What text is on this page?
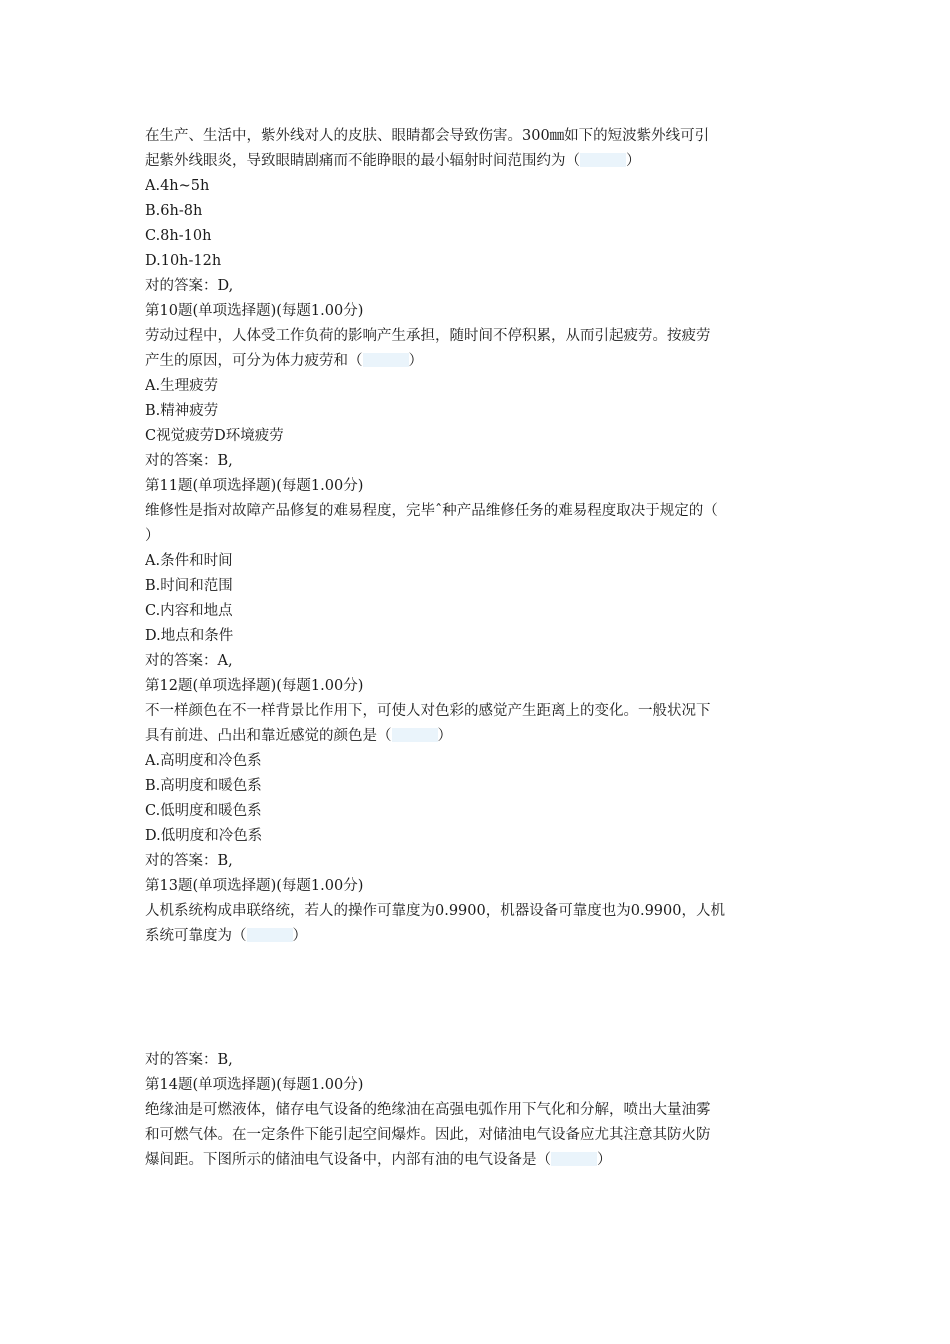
在生产、生活中，紫外线对人的皮肤、眼睛都会导致伤害。300㎜如下的短波紫外线可引
起紫外线眼炎，导致眼睛剧痛而不能睁眼的最小辐射时间范围约为（	）
A.4h~5h
B.6h-8h
C.8h-10h
D.10h-12h
对的答案：D,
第10题(单项选择题)(每题1.00分)
劳动过程中，人体受工作负荷的影响产生承担，随时间不停积累，从而引起疲劳。按疲劳
产生的原因，可分为体力疲劳和（	）
A.生理疲劳
B.精神疲劳
C视觉疲劳D环境疲劳
对的答案：B,
第11题(单项选择题)(每题1.00分)
维修性是指对故障产品修复的难易程度，完毕ˆ种产品维修任务的难易程度取决于规定的（
）
A.条件和时间
B.时间和范围
C.内容和地点
D.地点和条件
对的答案：A,
第12题(单项选择题)(每题1.00分)
不一样颜色在不一样背景比作用下，可使人对色彩的感觉产生距离上的变化。一般状况下
具有前进、凸出和靠近感觉的颜色是（	）
A.高明度和冷色系
B.高明度和暖色系
C.低明度和暖色系
D.低明度和冷色系
对的答案：B,
第13题(单项选择题)(每题1.00分)
人机系统构成串联络统，若人的操作可靠度为0.9900，机器设备可靠度也为0.9900，人机
系统可靠度为（	）
对的答案：B,
第14题(单项选择题)(每题1.00分)
绝缘油是可燃液体，储存电气设备的绝缘油在高强电弧作用下气化和分解，喷出大量油雾
和可燃气体。在一定条件下能引起空间爆炸。因此，对储油电气设备应尤其注意其防火防
爆间距。下图所示的储油电气设备中，内部有油的电气设备是（	）
